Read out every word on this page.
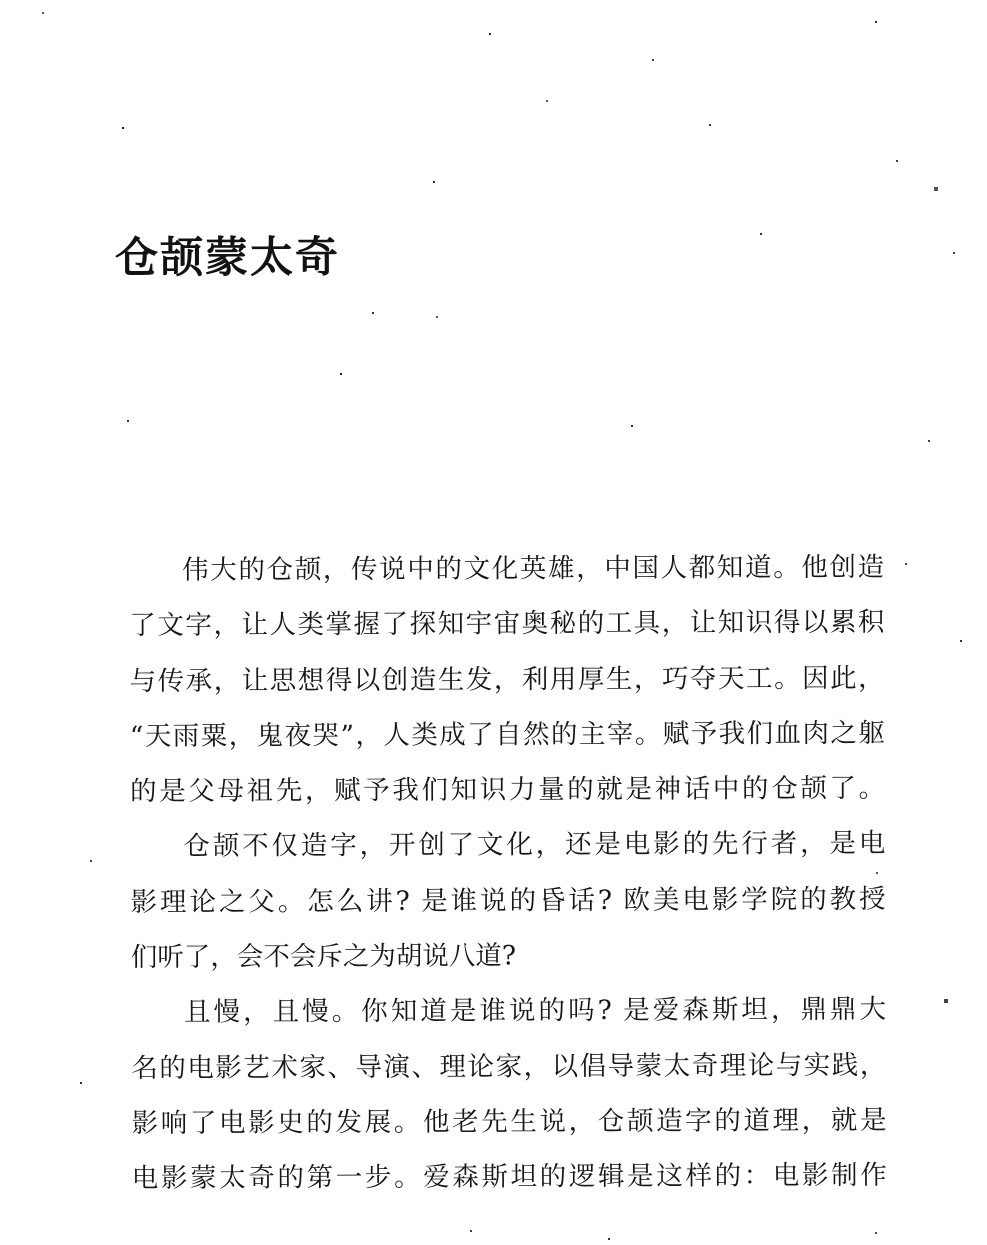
仓颉蒙太奇
伟大的仓颉，传说中的文化英雄，中国人都知道。他创造
了文字，让人类掌握了探知宇宙奥秘的工具，让知识得以累积
与传承，让思想得以创造生发，利用厚生，巧夺天工。因此，
“天雨粟，鬼夜哭”，人类成了自然的主宰。赋予我们血肉之躯
的是父母祖先，赋予我们知识力量的就是神话中的仓颉了。
仓颉不仅造字，开创了文化，还是电影的先行者，是电
影理论之父。怎么讲? 是谁说的昏话? 欧美电影学院的教授
们听了，会不会斥之为胡说八道?
且慢，且慢。你知道是谁说的吗? 是爱森斯坦，鼎鼎大
名的电影艺术家、导演、理论家，以倡导蒙太奇理论与实践，
影响了电影史的发展。他老先生说，仓颉造字的道理，就是
电影蒙太奇的第一步。爱森斯坦的逻辑是这样的：电影制作
